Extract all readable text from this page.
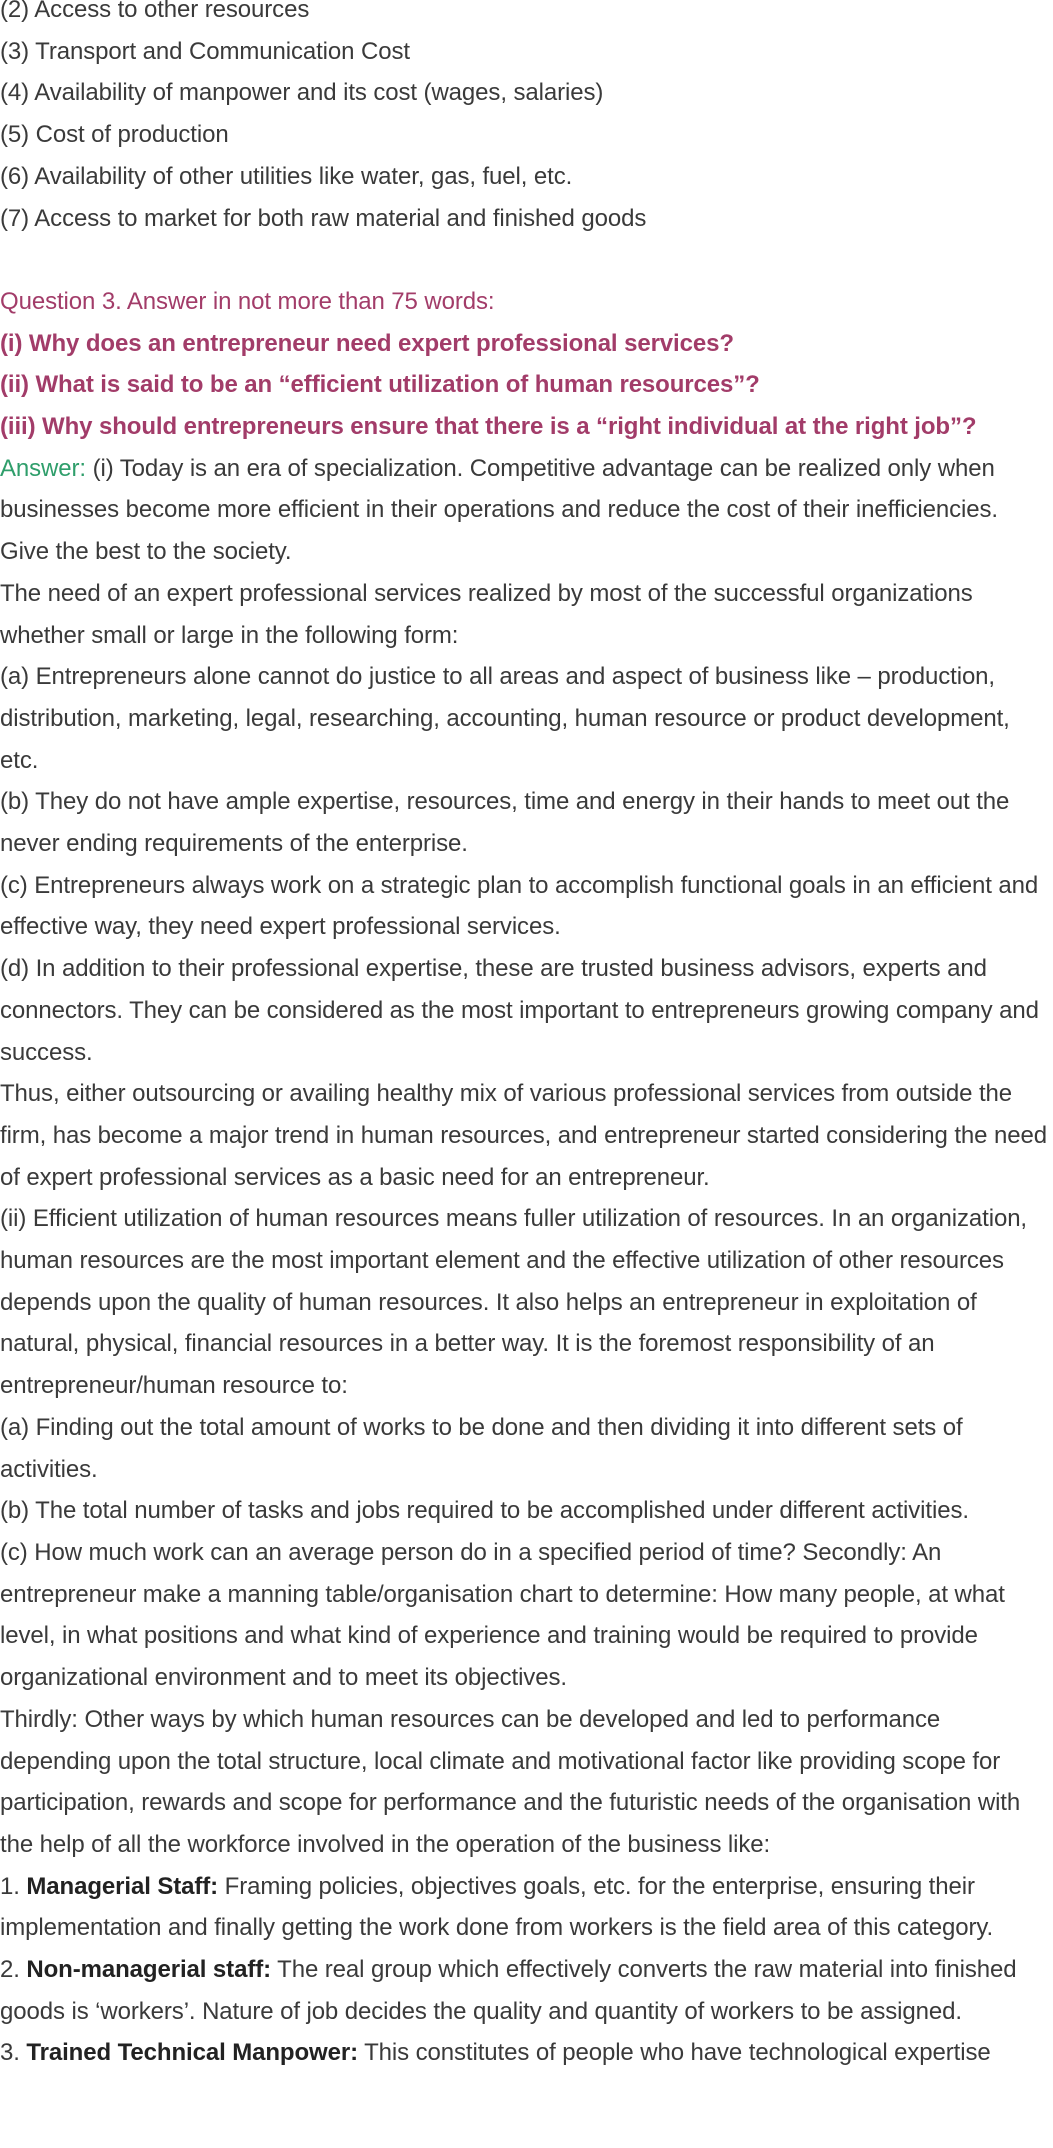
(2) Access to other resources

(3) Transport and Communication Cost

(4) Availability of manpower and its cost (wages, salaries)

(5) Cost of production

(6) Availability of other utilities like water, gas, fuel, etc.

(7) Access to market for both raw material and finished goods

Question 3. Answer in not more than 75 words:

(i) Why does an entrepreneur need expert professional services?

(ii) What is said to be an “efficient utilization of human resources”?

(iii) Why should entrepreneurs ensure that there is a “right individual at the right job”?

Answer: (i) Today is an era of specialization. Competitive advantage can be realized only when businesses become more efficient in their operations and reduce the cost of their inefficiencies. Give the best to the society.

The need of an expert professional services realized by most of the successful organizations whether small or large in the following form:

(a) Entrepreneurs alone cannot do justice to all areas and aspect of business like – production, distribution, marketing, legal, researching, accounting, human resource or product development, etc.

(b) They do not have ample expertise, resources, time and energy in their hands to meet out the never ending requirements of the enterprise.

(c) Entrepreneurs always work on a strategic plan to accomplish functional goals in an efficient and effective way, they need expert professional services.

(d) In addition to their professional expertise, these are trusted business advisors, experts and connectors. They can be considered as the most important to entrepreneurs growing company and success.

Thus, either outsourcing or availing healthy mix of various professional services from outside the firm, has become a major trend in human resources, and entrepreneur started considering the need of expert professional services as a basic need for an entrepreneur.

(ii) Efficient utilization of human resources means fuller utilization of resources. In an organization, human resources are the most important element and the effective utilization of other resources depends upon the quality of human resources. It also helps an entrepreneur in exploitation of natural, physical, financial resources in a better way. It is the foremost responsibility of an entrepreneur/human resource to:

(a) Finding out the total amount of works to be done and then dividing it into different sets of activities.

(b) The total number of tasks and jobs required to be accomplished under different activities.

(c) How much work can an average person do in a specified period of time? Secondly: An entrepreneur make a manning table/organisation chart to determine: How many people, at what level, in what positions and what kind of experience and training would be required to provide organizational environment and to meet its objectives.

Thirdly: Other ways by which human resources can be developed and led to performance depending upon the total structure, local climate and motivational factor like providing scope for participation, rewards and scope for performance and the futuristic needs of the organisation with the help of all the workforce involved in the operation of the business like:

1. Managerial Staff: Framing policies, objectives goals, etc. for the enterprise, ensuring their implementation and finally getting the work done from workers is the field area of this category.

2. Non-managerial staff: The real group which effectively converts the raw material into finished goods is ‘workers’. Nature of job decides the quality and quantity of workers to be assigned.

3. Trained Technical Manpower: This constitutes of people who have technological expertise
